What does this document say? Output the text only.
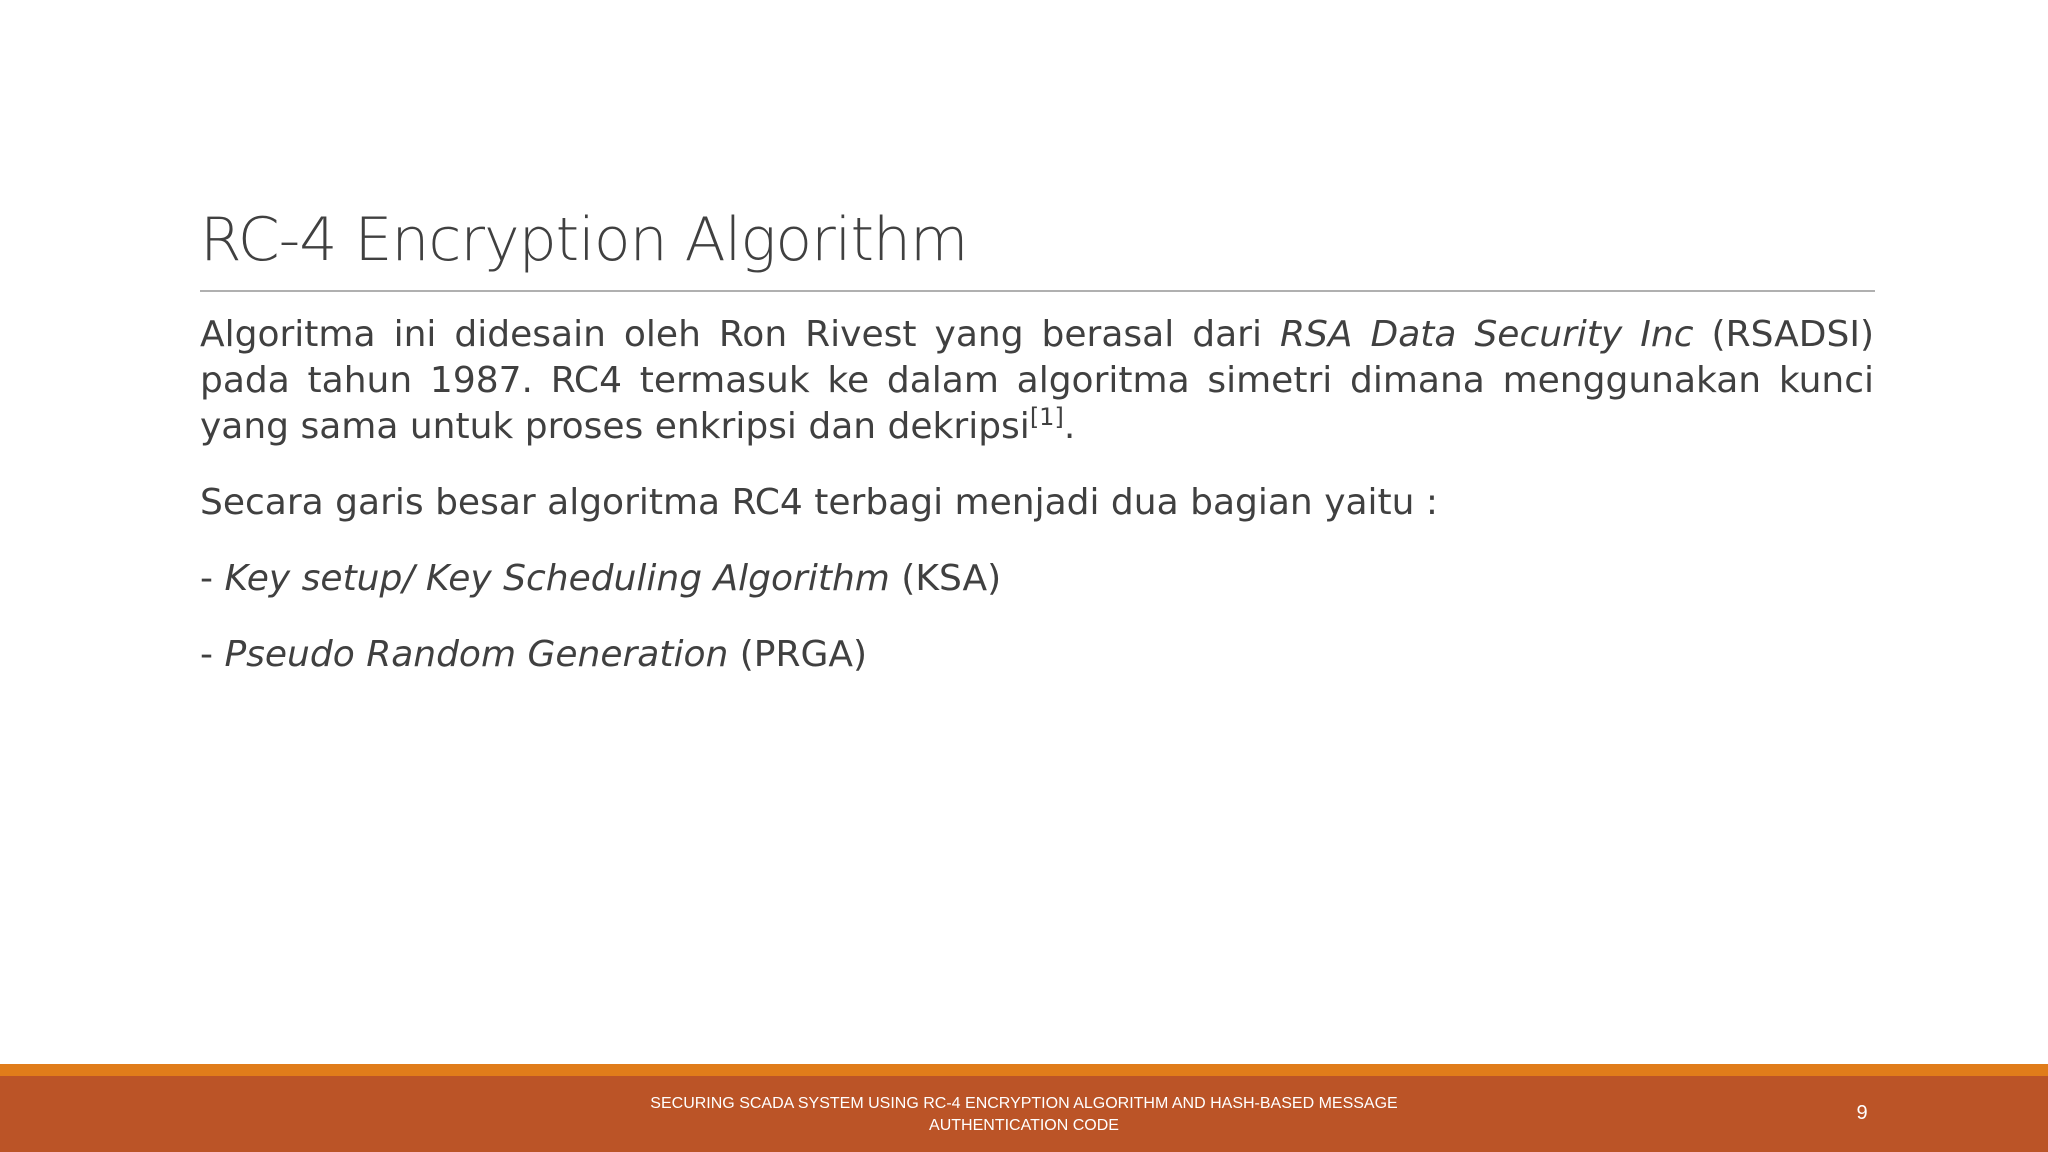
RC-4 Encryption Algorithm

Algoritma ini didesain oleh Ron Rivest yang berasal dari RSA Data Security Inc (RSADSI) pada tahun 1987. RC4 termasuk ke dalam algoritma simetri dimana menggunakan kunci yang sama untuk proses enkripsi dan dekripsi[1].

Secara garis besar algoritma RC4 terbagi menjadi dua bagian yaitu :

- Key setup/ Key Scheduling Algorithm (KSA)

- Pseudo Random Generation (PRGA)

SECURING SCADA SYSTEM USING RC-4 ENCRYPTION ALGORITHM AND HASH-BASED MESSAGE
AUTHENTICATION CODE
9
